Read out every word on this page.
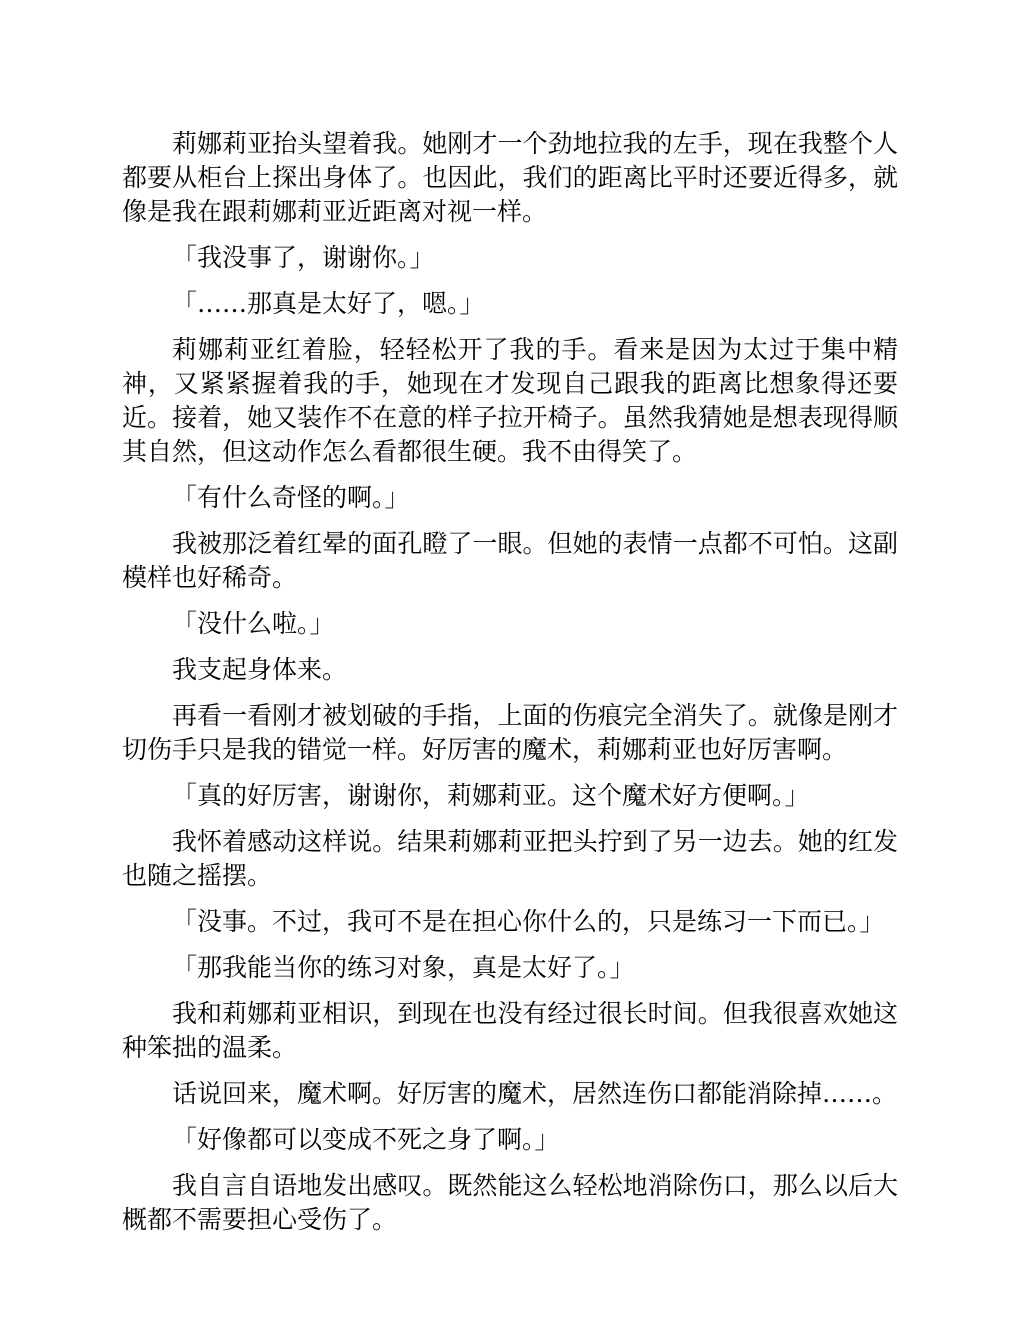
莉娜莉亚抬头望着我。她刚才一个劲地拉我的左手，现在我整个人都要从柜台上探出身体了。也因此，我们的距离比平时还要近得多，就像是我在跟莉娜莉亚近距离对视一样。

「我没事了，谢谢你。」

「……那真是太好了，嗯。」

莉娜莉亚红着脸，轻轻松开了我的手。看来是因为太过于集中精神，又紧紧握着我的手，她现在才发现自己跟我的距离比想象得还要近。接着，她又装作不在意的样子拉开椅子。虽然我猜她是想表现得顺其自然，但这动作怎么看都很生硬。我不由得笑了。

「有什么奇怪的啊。」

我被那泛着红晕的面孔瞪了一眼。但她的表情一点都不可怕。这副模样也好稀奇。

「没什么啦。」

我支起身体来。

再看一看刚才被划破的手指，上面的伤痕完全消失了。就像是刚才切伤手只是我的错觉一样。好厉害的魔术，莉娜莉亚也好厉害啊。

「真的好厉害，谢谢你，莉娜莉亚。这个魔术好方便啊。」

我怀着感动这样说。结果莉娜莉亚把头拧到了另一边去。她的红发也随之摇摆。

「没事。不过，我可不是在担心你什么的，只是练习一下而已。」

「那我能当你的练习对象，真是太好了。」

我和莉娜莉亚相识，到现在也没有经过很长时间。但我很喜欢她这种笨拙的温柔。

话说回来，魔术啊。好厉害的魔术，居然连伤口都能消除掉……。

「好像都可以变成不死之身了啊。」

我自言自语地发出感叹。既然能这么轻松地消除伤口，那么以后大概都不需要担心受伤了。
